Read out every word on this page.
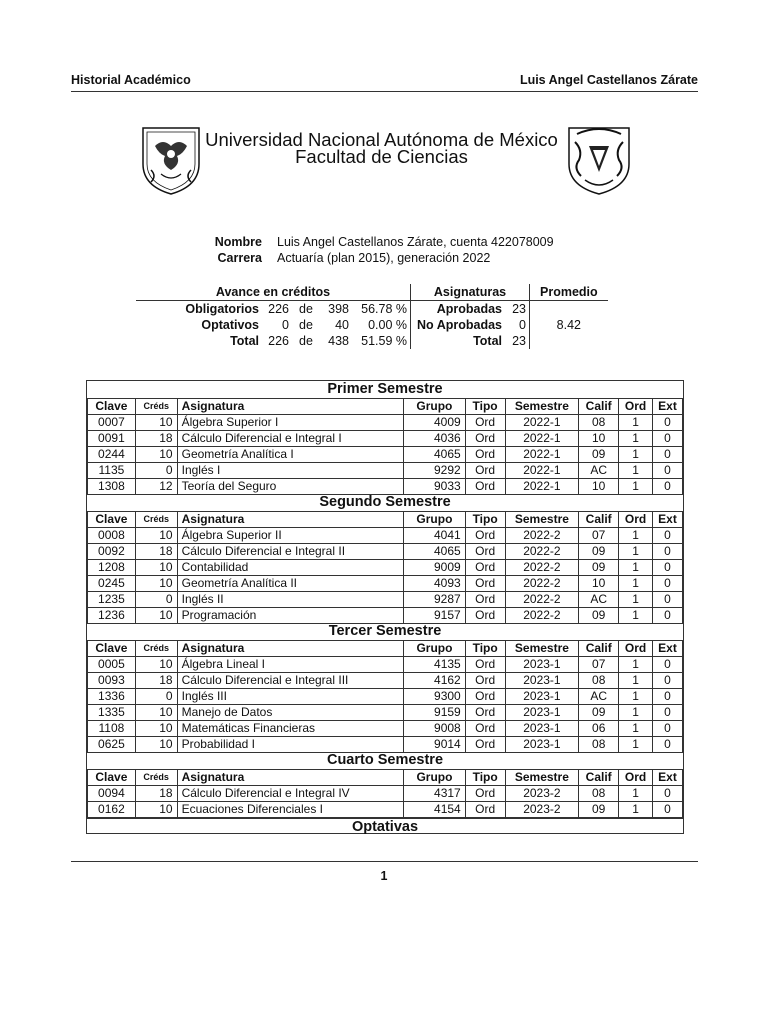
Historial Académico	Luis Angel Castellanos Zárate
Universidad Nacional Autónoma de México
Facultad de Ciencias
Nombre Luis Angel Castellanos Zárate, cuenta 422078009
Carrera Actuaría (plan 2015), generación 2022
Avance en créditos					Asignaturas		Promedio
Obligatorios	226	de	398	56.78 %	Aprobadas	23	8.42
Optativos	0	de	40	0.00 %	No Aprobadas	0	
Total	226	de	438	51.59 %	Total	23	
Primer Semestre
Clave	Créds	Asignatura	Grupo	Tipo	Semestre	Calif	Ord	Ext
0007	10	Álgebra Superior I	4009	Ord	2022-1	08	1	0
0091	18	Cálculo Diferencial e Integral I	4036	Ord	2022-1	10	1	0
0244	10	Geometría Analítica I	4065	Ord	2022-1	09	1	0
1135	0	Inglés I	9292	Ord	2022-1	AC	1	0
1308	12	Teoría del Seguro	9033	Ord	2022-1	10	1	0
Segundo Semestre
Clave	Créds	Asignatura	Grupo	Tipo	Semestre	Calif	Ord	Ext
0008	10	Álgebra Superior II	4041	Ord	2022-2	07	1	0
0092	18	Cálculo Diferencial e Integral II	4065	Ord	2022-2	09	1	0
1208	10	Contabilidad	9009	Ord	2022-2	09	1	0
0245	10	Geometría Analítica II	4093	Ord	2022-2	10	1	0
1235	0	Inglés II	9287	Ord	2022-2	AC	1	0
1236	10	Programación	9157	Ord	2022-2	09	1	0
Tercer Semestre
Clave	Créds	Asignatura	Grupo	Tipo	Semestre	Calif	Ord	Ext
0005	10	Álgebra Lineal I	4135	Ord	2023-1	07	1	0
0093	18	Cálculo Diferencial e Integral III	4162	Ord	2023-1	08	1	0
1336	0	Inglés III	9300	Ord	2023-1	AC	1	0
1335	10	Manejo de Datos	9159	Ord	2023-1	09	1	0
1108	10	Matemáticas Financieras	9008	Ord	2023-1	06	1	0
0625	10	Probabilidad I	9014	Ord	2023-1	08	1	0
Cuarto Semestre
Clave	Créds	Asignatura	Grupo	Tipo	Semestre	Calif	Ord	Ext
0094	18	Cálculo Diferencial e Integral IV	4317	Ord	2023-2	08	1	0
0162	10	Ecuaciones Diferenciales I	4154	Ord	2023-2	09	1	0
Optativas
1
